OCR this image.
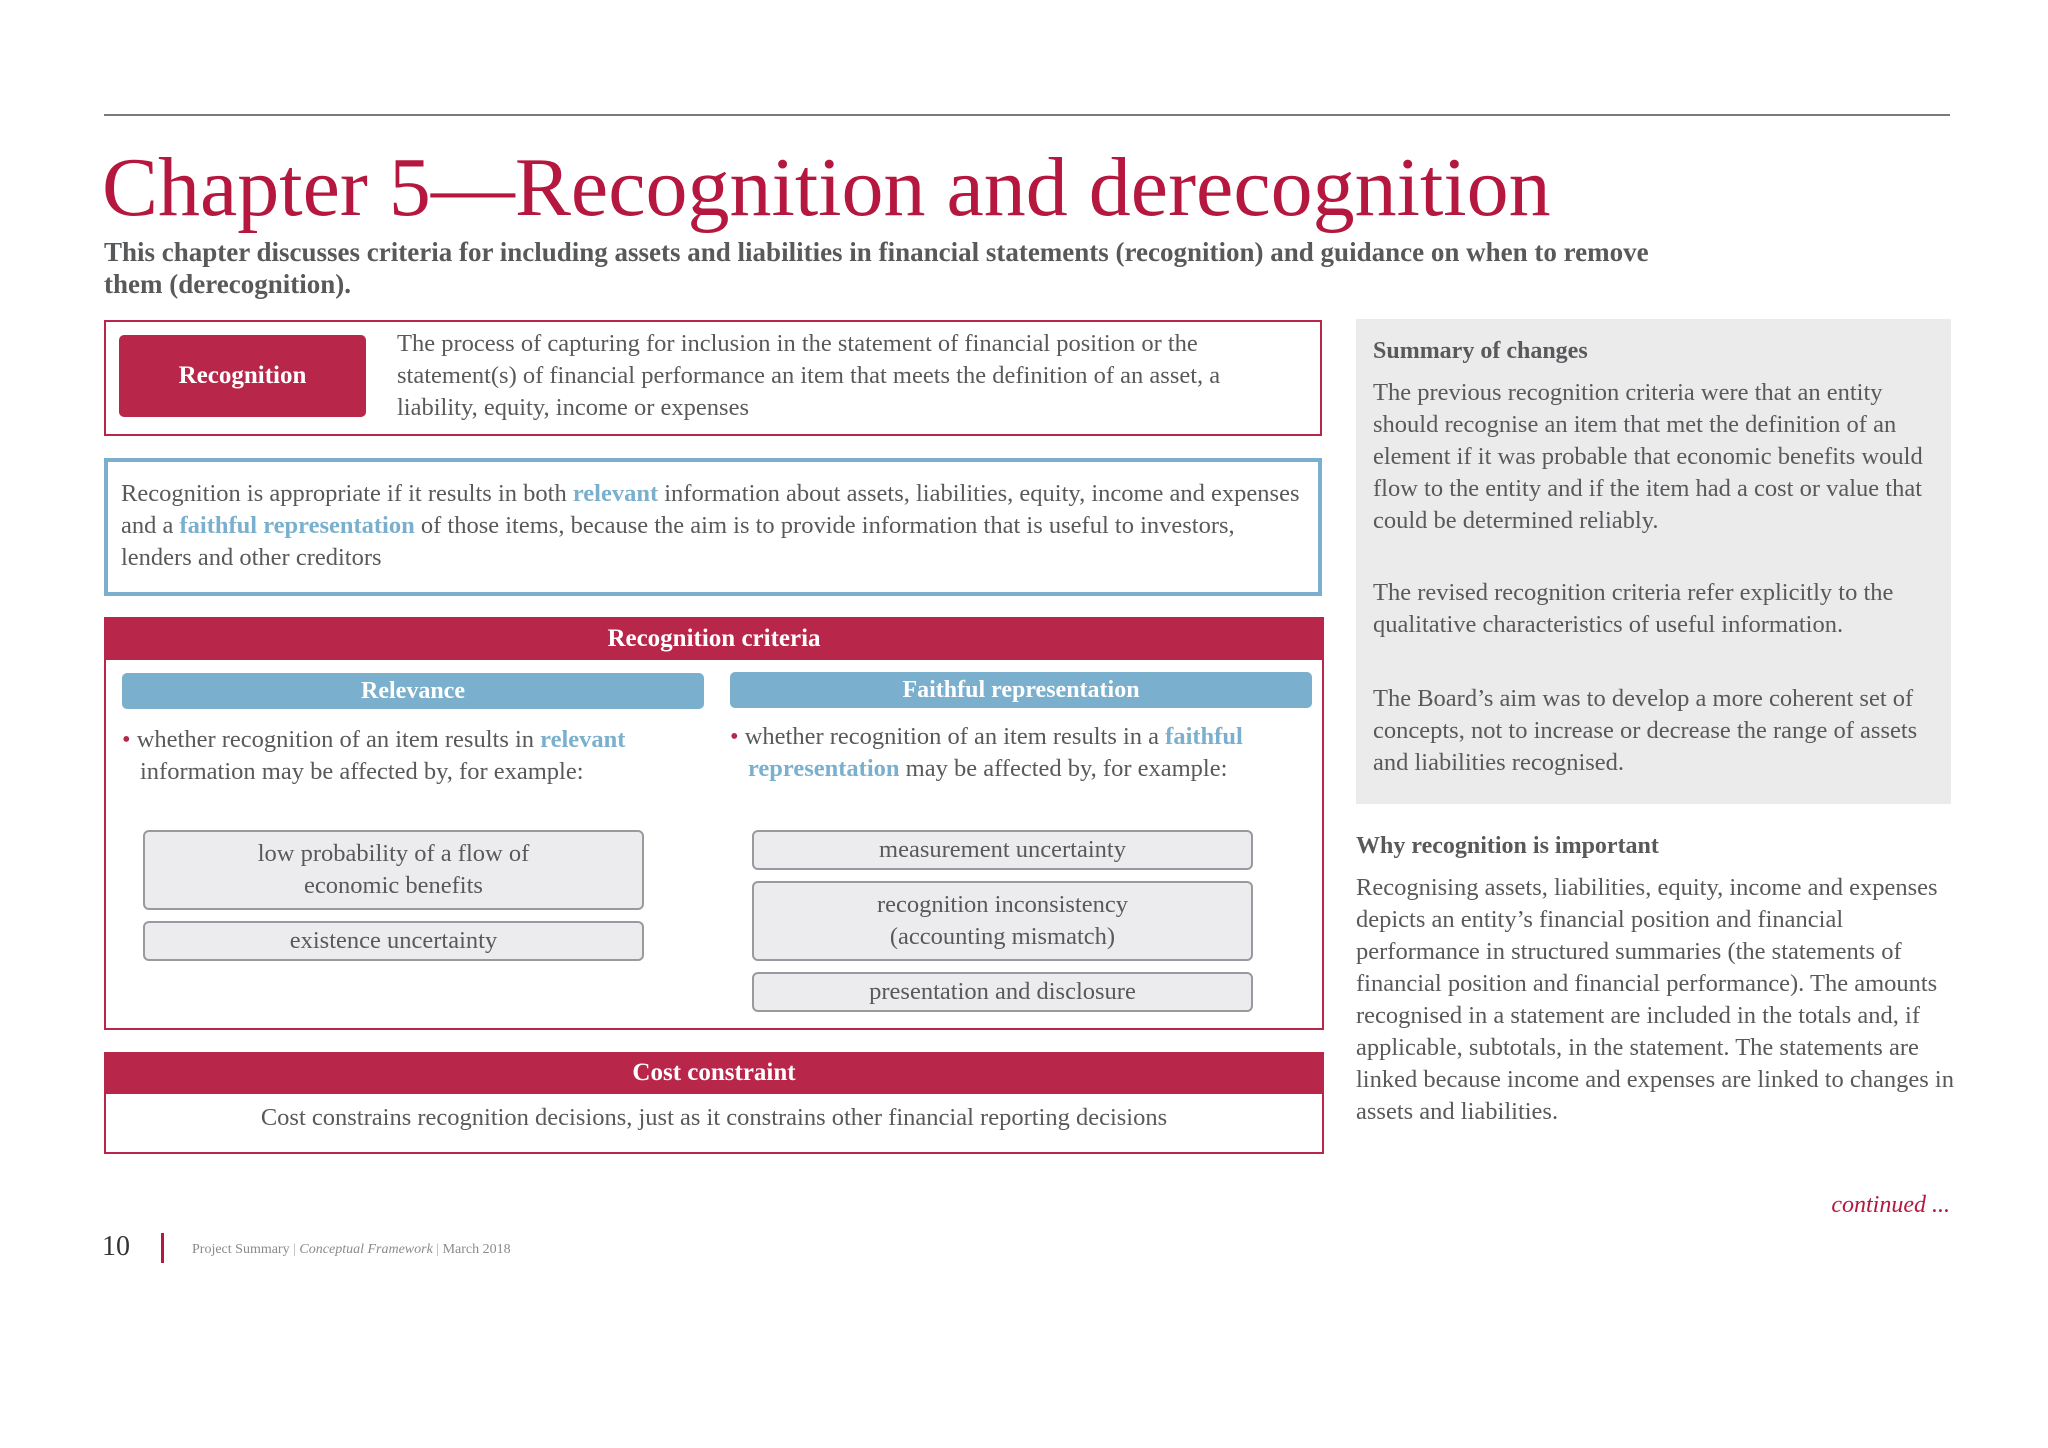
Chapter 5—Recognition and derecognition

This chapter discusses criteria for including assets and liabilities in financial statements (recognition) and guidance on when to remove them (derecognition).

Recognition

The process of capturing for inclusion in the statement of financial position or the statement(s) of financial performance an item that meets the definition of an asset, a liability, equity, income or expenses

Recognition is appropriate if it results in both relevant information about assets, liabilities, equity, income and expenses and a faithful representation of those items, because the aim is to provide information that is useful to investors, lenders and other creditors

Recognition criteria
Relevance	Faithful representation

• whether recognition of an item results in relevant information may be affected by, for example:

• whether recognition of an item results in a faithful representation may be affected by, for example:

low probability of a flow of economic benefits
existence uncertainty
measurement uncertainty
recognition inconsistency (accounting mismatch)
presentation and disclosure
Cost constraint

Cost constrains recognition decisions, just as it constrains other financial reporting decisions

Summary of changes

The previous recognition criteria were that an entity should recognise an item that met the definition of an element if it was probable that economic benefits would flow to the entity and if the item had a cost or value that could be determined reliably.

The revised recognition criteria refer explicitly to the qualitative characteristics of useful information.

The Board’s aim was to develop a more coherent set of concepts, not to increase or decrease the range of assets and liabilities recognised.

Why recognition is important

Recognising assets, liabilities, equity, income and expenses depicts an entity’s financial position and financial performance in structured summaries (the statements of financial position and financial performance). The amounts recognised in a statement are included in the totals and, if applicable, subtotals, in the statement. The statements are linked because income and expenses are linked to changes in assets and liabilities.

continued ...

10	Project Summary | Conceptual Framework | March 2018
